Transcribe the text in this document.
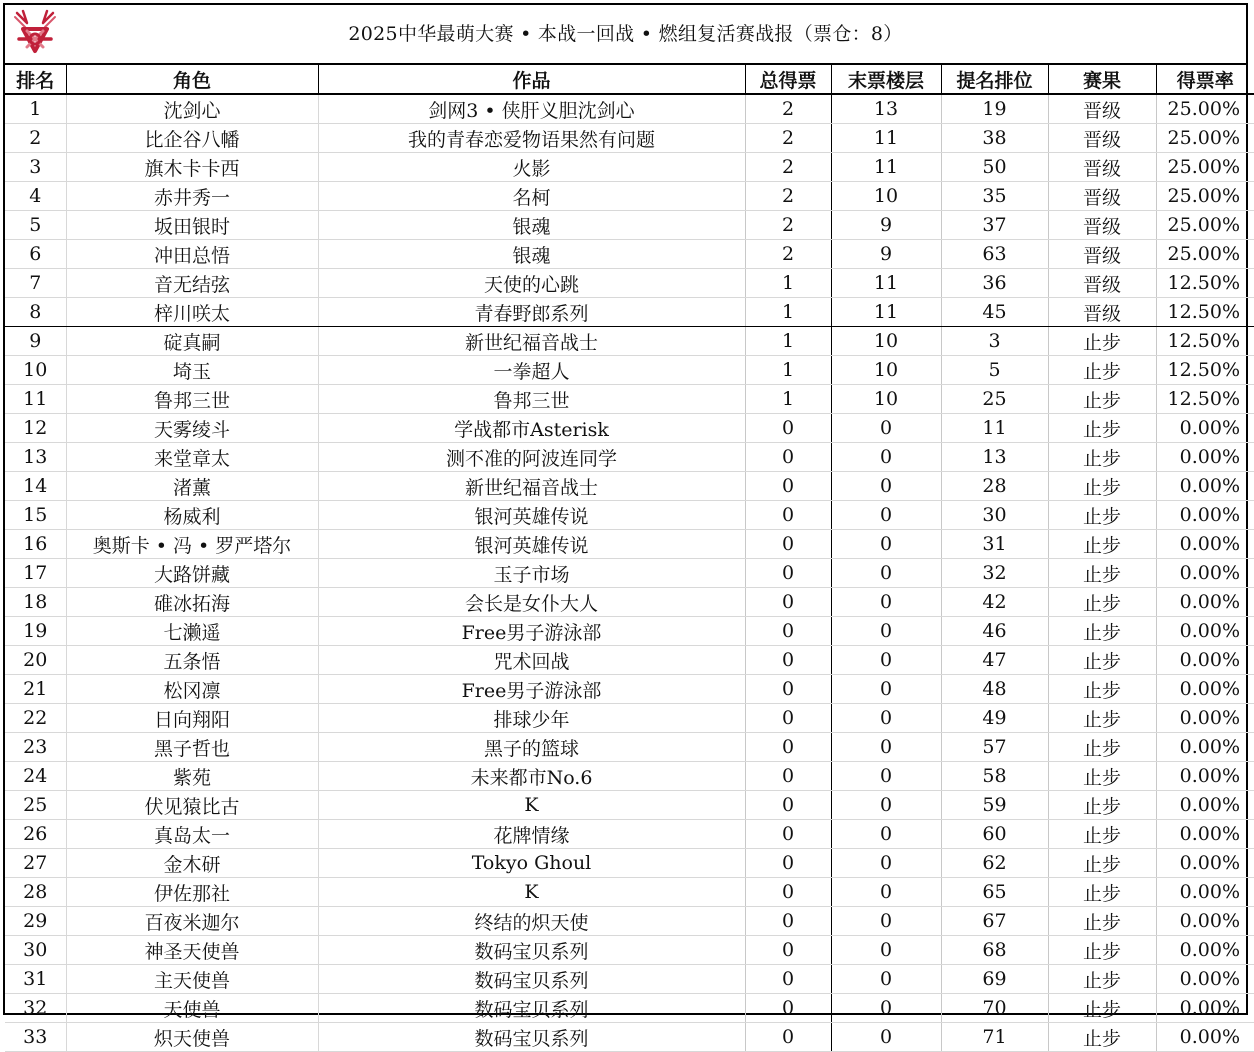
2025中华最萌大赛 • 本战一回战 • 燃组复活赛战报（票仓：8）
排名	角色	作品	总得票	末票楼层	提名排位	赛果	得票率
1	沈剑心	剑网3 • 侠肝义胆沈剑心	2	13	19	晋级	25.00%
2	比企谷八幡	我的青春恋爱物语果然有问题	2	11	38	晋级	25.00%
3	旗木卡卡西	火影	2	11	50	晋级	25.00%
4	赤井秀一	名柯	2	10	35	晋级	25.00%
5	坂田银时	银魂	2	9	37	晋级	25.00%
6	冲田总悟	银魂	2	9	63	晋级	25.00%
7	音无结弦	天使的心跳	1	11	36	晋级	12.50%
8	梓川咲太	青春野郎系列	1	11	45	晋级	12.50%
9	碇真嗣	新世纪福音战士	1	10	3	止步	12.50%
10	埼玉	一拳超人	1	10	5	止步	12.50%
11	鲁邦三世	鲁邦三世	1	10	25	止步	12.50%
12	天雾绫斗	学战都市Asterisk	0	0	11	止步	0.00%
13	来堂章太	测不准的阿波连同学	0	0	13	止步	0.00%
14	渚薰	新世纪福音战士	0	0	28	止步	0.00%
15	杨威利	银河英雄传说	0	0	30	止步	0.00%
16	奥斯卡 • 冯 • 罗严塔尔	银河英雄传说	0	0	31	止步	0.00%
17	大路饼藏	玉子市场	0	0	32	止步	0.00%
18	碓冰拓海	会长是女仆大人	0	0	42	止步	0.00%
19	七濑遥	Free男子游泳部	0	0	46	止步	0.00%
20	五条悟	咒术回战	0	0	47	止步	0.00%
21	松冈凛	Free男子游泳部	0	0	48	止步	0.00%
22	日向翔阳	排球少年	0	0	49	止步	0.00%
23	黑子哲也	黑子的篮球	0	0	57	止步	0.00%
24	紫苑	未来都市No.6	0	0	58	止步	0.00%
25	伏见猿比古	K	0	0	59	止步	0.00%
26	真岛太一	花牌情缘	0	0	60	止步	0.00%
27	金木研	Tokyo Ghoul	0	0	62	止步	0.00%
28	伊佐那社	K	0	0	65	止步	0.00%
29	百夜米迦尔	终结的炽天使	0	0	67	止步	0.00%
30	神圣天使兽	数码宝贝系列	0	0	68	止步	0.00%
31	主天使兽	数码宝贝系列	0	0	69	止步	0.00%
32	天使兽	数码宝贝系列	0	0	70	止步	0.00%
33	炽天使兽	数码宝贝系列	0	0	71	止步	0.00%
